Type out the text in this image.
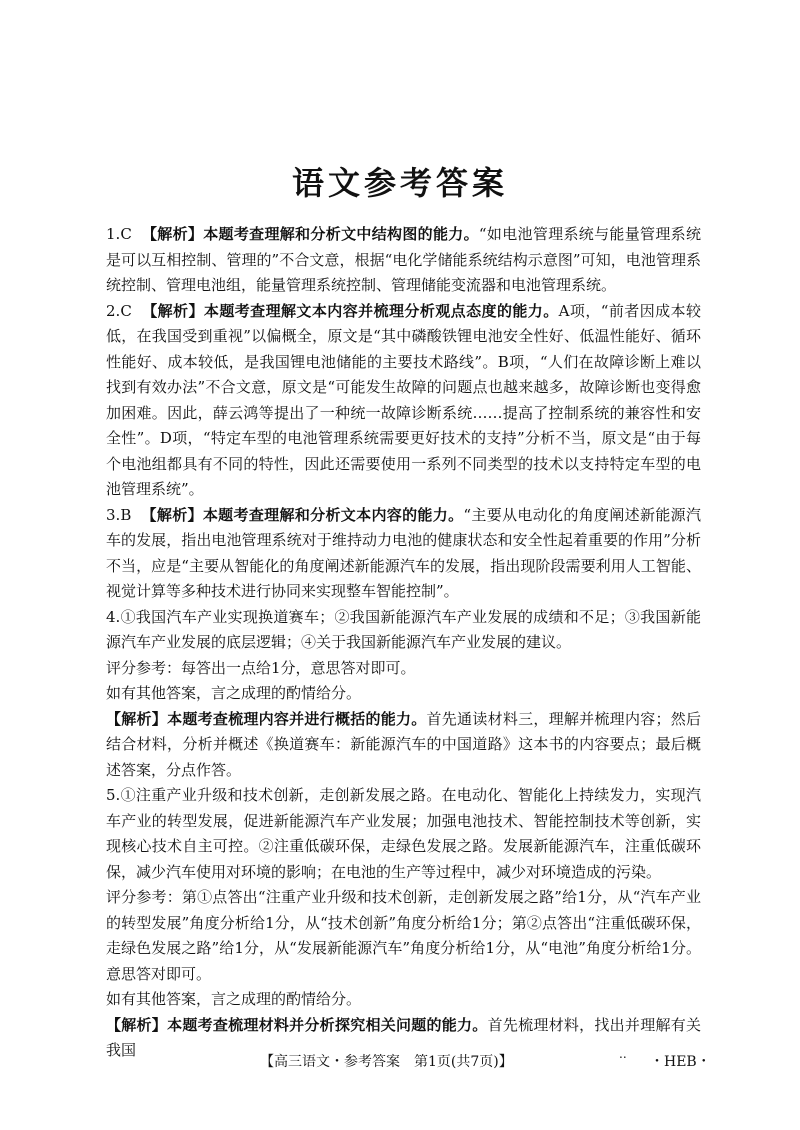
语文参考答案

1.C 【解析】本题考查理解和分析文中结构图的能力。“如电池管理系统与能量管理系统是可以互相控制、管理的”不合文意，根据“电化学储能系统结构示意图”可知，电池管理系统控制、管理电池组，能量管理系统控制、管理储能变流器和电池管理系统。

2.C 【解析】本题考查理解文本内容并梳理分析观点态度的能力。A项，“前者因成本较低，在我国受到重视”以偏概全，原文是“其中磷酸铁锂电池安全性好、低温性能好、循环性能好、成本较低，是我国锂电池储能的主要技术路线”。B项，“人们在故障诊断上难以找到有效办法”不合文意，原文是“可能发生故障的问题点也越来越多，故障诊断也变得愈加困难。因此，薛云鸿等提出了一种统一故障诊断系统……提高了控制系统的兼容性和安全性”。D项，“特定车型的电池管理系统需要更好技术的支持”分析不当，原文是“由于每个电池组都具有不同的特性，因此还需要使用一系列不同类型的技术以支持特定车型的电池管理系统”。

3.B 【解析】本题考查理解和分析文本内容的能力。“主要从电动化的角度阐述新能源汽车的发展，指出电池管理系统对于维持动力电池的健康状态和安全性起着重要的作用”分析不当，应是“主要从智能化的角度阐述新能源汽车的发展，指出现阶段需要利用人工智能、视觉计算等多种技术进行协同来实现整车智能控制”。

4.①我国汽车产业实现换道赛车；②我国新能源汽车产业发展的成绩和不足；③我国新能源汽车产业发展的底层逻辑；④关于我国新能源汽车产业发展的建议。

评分参考：每答出一点给1分，意思答对即可。

如有其他答案，言之成理的酌情给分。

【解析】本题考查梳理内容并进行概括的能力。首先通读材料三，理解并梳理内容；然后结合材料，分析并概述《换道赛车：新能源汽车的中国道路》这本书的内容要点；最后概述答案，分点作答。

5.①注重产业升级和技术创新，走创新发展之路。在电动化、智能化上持续发力，实现汽车产业的转型发展，促进新能源汽车产业发展；加强电池技术、智能控制技术等创新，实现核心技术自主可控。②注重低碳环保，走绿色发展之路。发展新能源汽车，注重低碳环保，减少汽车使用对环境的影响；在电池的生产等过程中，减少对环境造成的污染。

评分参考：第①点答出“注重产业升级和技术创新，走创新发展之路”给1分，从“汽车产业的转型发展”角度分析给1分，从“技术创新”角度分析给1分；第②点答出“注重低碳环保，走绿色发展之路”给1分，从“发展新能源汽车”角度分析给1分，从“电池”角度分析给1分。意思答对即可。

如有其他答案，言之成理的酌情给分。

【解析】本题考查梳理材料并分析探究相关问题的能力。首先梳理材料，找出并理解有关我国

【高三语文・参考答案　第1页(共7页)】	.. ・HEB・
